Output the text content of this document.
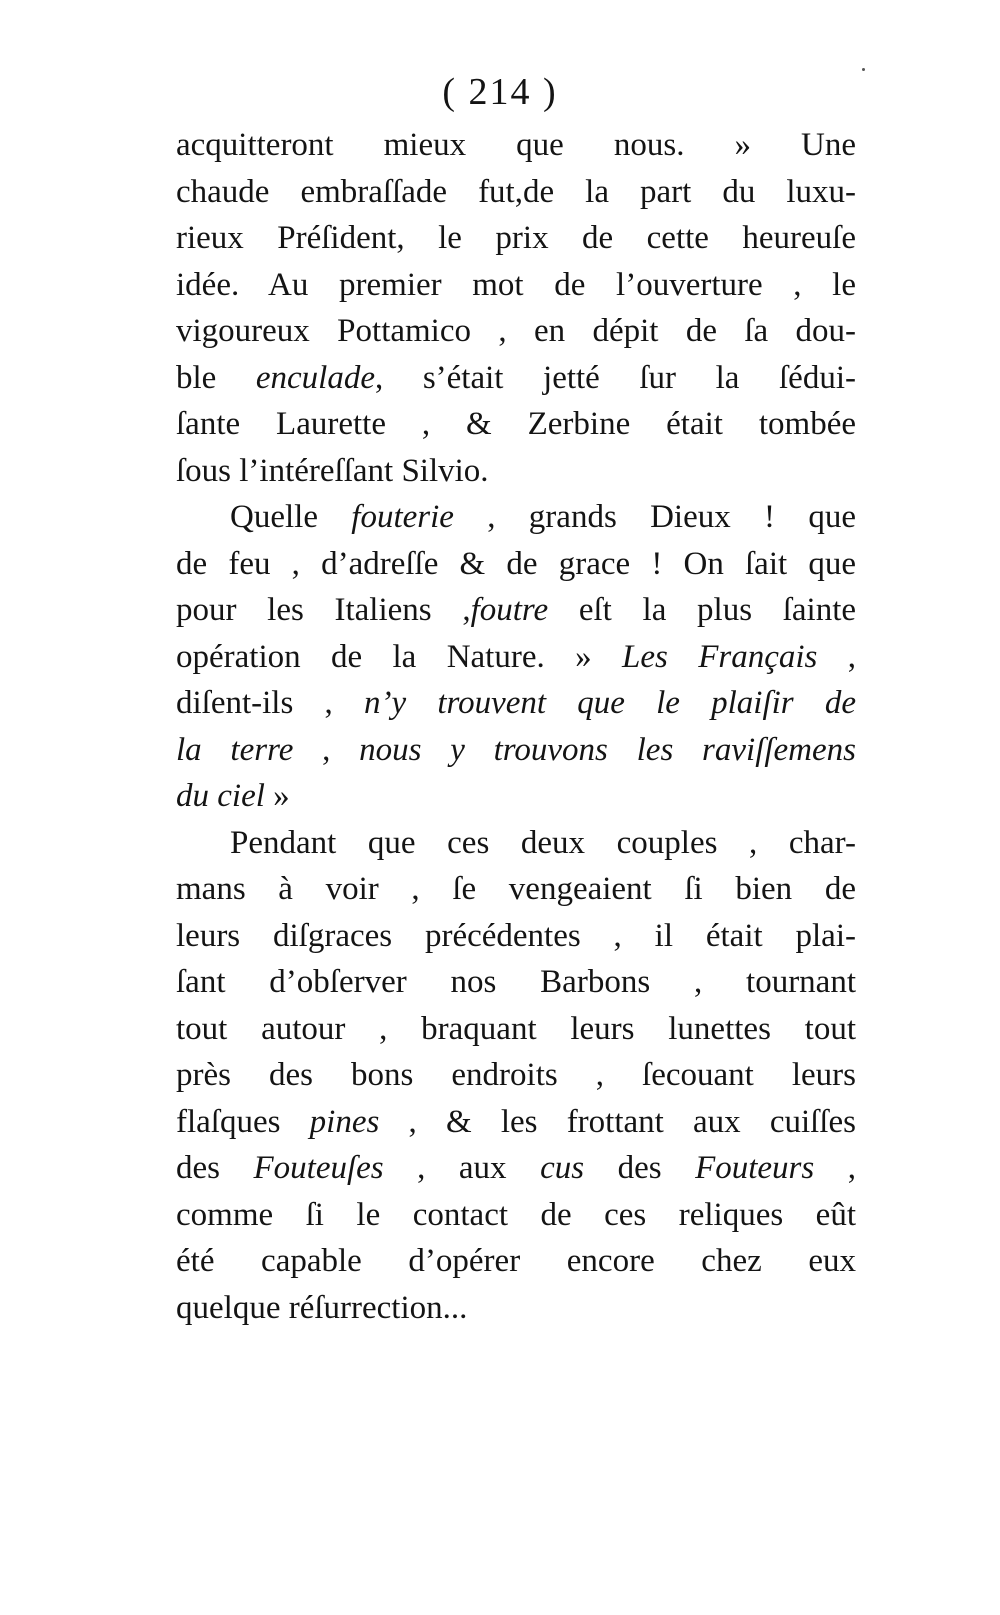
( 214 )
acquitteront mieux que nous. » Une
chaude embraſſade fut,de la part du luxu-
rieux Préſident, le prix de cette heureuſe
idée. Au premier mot de l’ouverture , le
vigoureux Pottamico , en dépit de ſa dou-
ble enculade, s’était jetté ſur la ſédui-
ſante Laurette , & Zerbine était tombée
ſous l’intéreſſant Silvio.
Quelle fouterie , grands Dieux ! que
de feu , d’adreſſe & de grace ! On ſait que
pour les Italiens ,foutre eſt la plus ſainte
opération de la Nature. » Les Français ,
diſent-ils , n’y trouvent que le plaiſir de
la terre , nous y trouvons les raviſſemens
du ciel »
Pendant que ces deux couples , char-
mans à voir , ſe vengeaient ſi bien de
leurs diſgraces précédentes , il était plai-
ſant d’obſerver nos Barbons , tournant
tout autour , braquant leurs lunettes tout
près des bons endroits , ſecouant leurs
flaſques pines , & les frottant aux cuiſſes
des Fouteuſes , aux cus des Fouteurs ,
comme ſi le contact de ces reliques eût
été capable d’opérer encore chez eux
quelque réſurrection...
